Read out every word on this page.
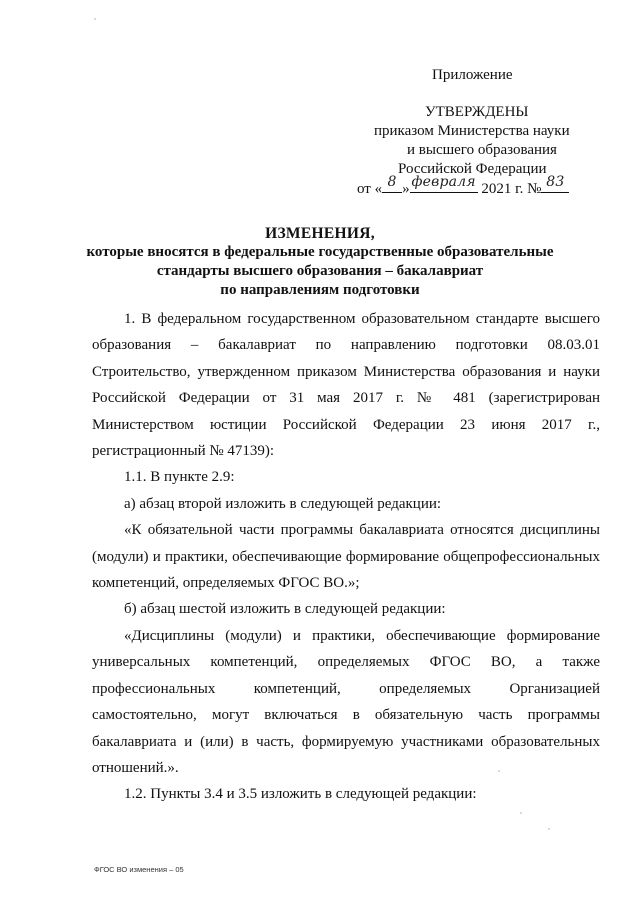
Приложение
УТВЕРЖДЕНЫ
приказом Министерства науки
и высшего образования
Российской Федерации
от « 8 » февраля 2021 г. № 83
ИЗМЕНЕНИЯ,
которые вносятся в федеральные государственные образовательные
стандарты высшего образования – бакалавриат
по направлениям подготовки

1. В федеральном государственном образовательном стандарте высшего образования – бакалавриат по направлению подготовки 08.03.01 Строительство, утвержденном приказом Министерства образования и науки Российской Федерации от 31 мая 2017 г. № 481 (зарегистрирован Министерством юстиции Российской Федерации 23 июня 2017 г., регистрационный № 47139):

1.1. В пункте 2.9:

а) абзац второй изложить в следующей редакции:

«К обязательной части программы бакалавриата относятся дисциплины (модули) и практики, обеспечивающие формирование общепрофессиональных компетенций, определяемых ФГОС ВО.»;

б) абзац шестой изложить в следующей редакции:

«Дисциплины (модули) и практики, обеспечивающие формирование универсальных компетенций, определяемых ФГОС ВО, а также профессиональных компетенций, определяемых Организацией самостоятельно, могут включаться в обязательную часть программы бакалавриата и (или) в часть, формируемую участниками образовательных отношений.».

1.2. Пункты 3.4 и 3.5 изложить в следующей редакции:

ФГОС ВО изменения – 05
